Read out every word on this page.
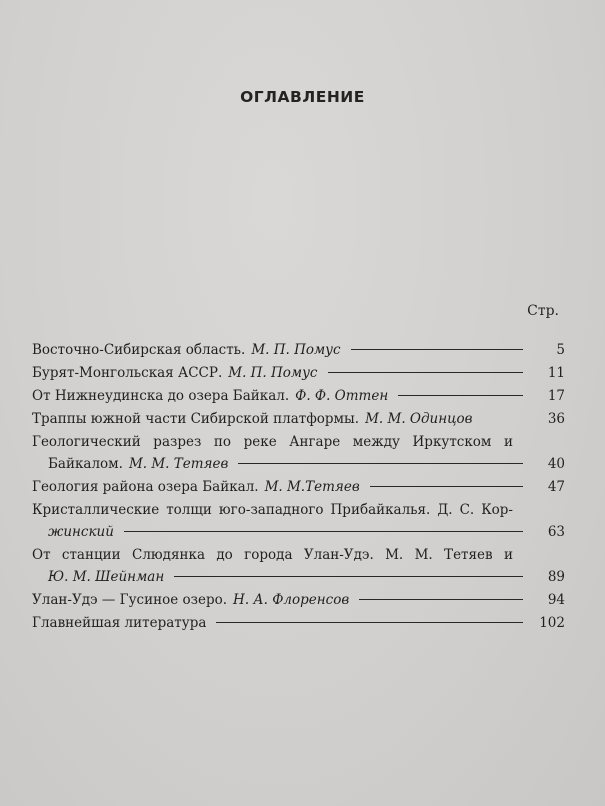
ОГЛАВЛЕНИЕ
Стр.
Восточно-Сибирская область. М. П. Помус	5
Бурят-Монгольская АССР. М. П. Помус	11
От Нижнеудинска до озера Байкал. Ф. Ф. Оттен	17
Траппы южной части Сибирской платформы. М. М. Одинцов	36
Геологический разрез по реке Ангаре между Иркутском и
Байкалом. М. М. Тетяев	40
Геология района озера Байкал. М. М.Тетяев	47
Кристаллические толщи юго-западного Прибайкалья. Д. С. Кор-
жинский	63
От станции Слюдянка до города Улан-Удэ. М. М. Тетяев и
Ю. М. Шейнман	89
Улан-Удэ — Гусиное озеро. Н. А. Флоренсов	94
Главнейшая литература	102
